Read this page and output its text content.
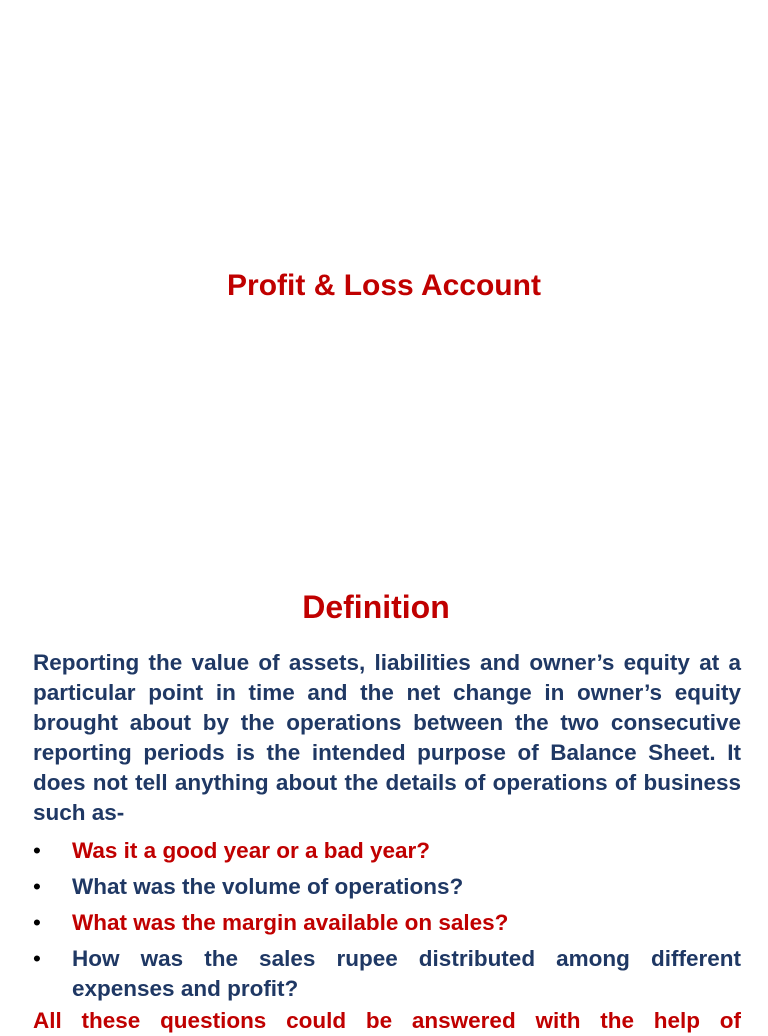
Profit & Loss Account
Definition

Reporting the value of assets, liabilities and owner’s equity at a particular point in time and the net change in owner’s equity brought about by the operations between the two consecutive reporting periods is the intended purpose of Balance Sheet. It does not tell anything about the details of operations of business such as-

•	Was it a good year or a bad year?
•	What was the volume of operations?
•	What was the margin available on sales?
•	How was the sales rupee distributed among different expenses and profit?

All these questions could be answered with the help of
